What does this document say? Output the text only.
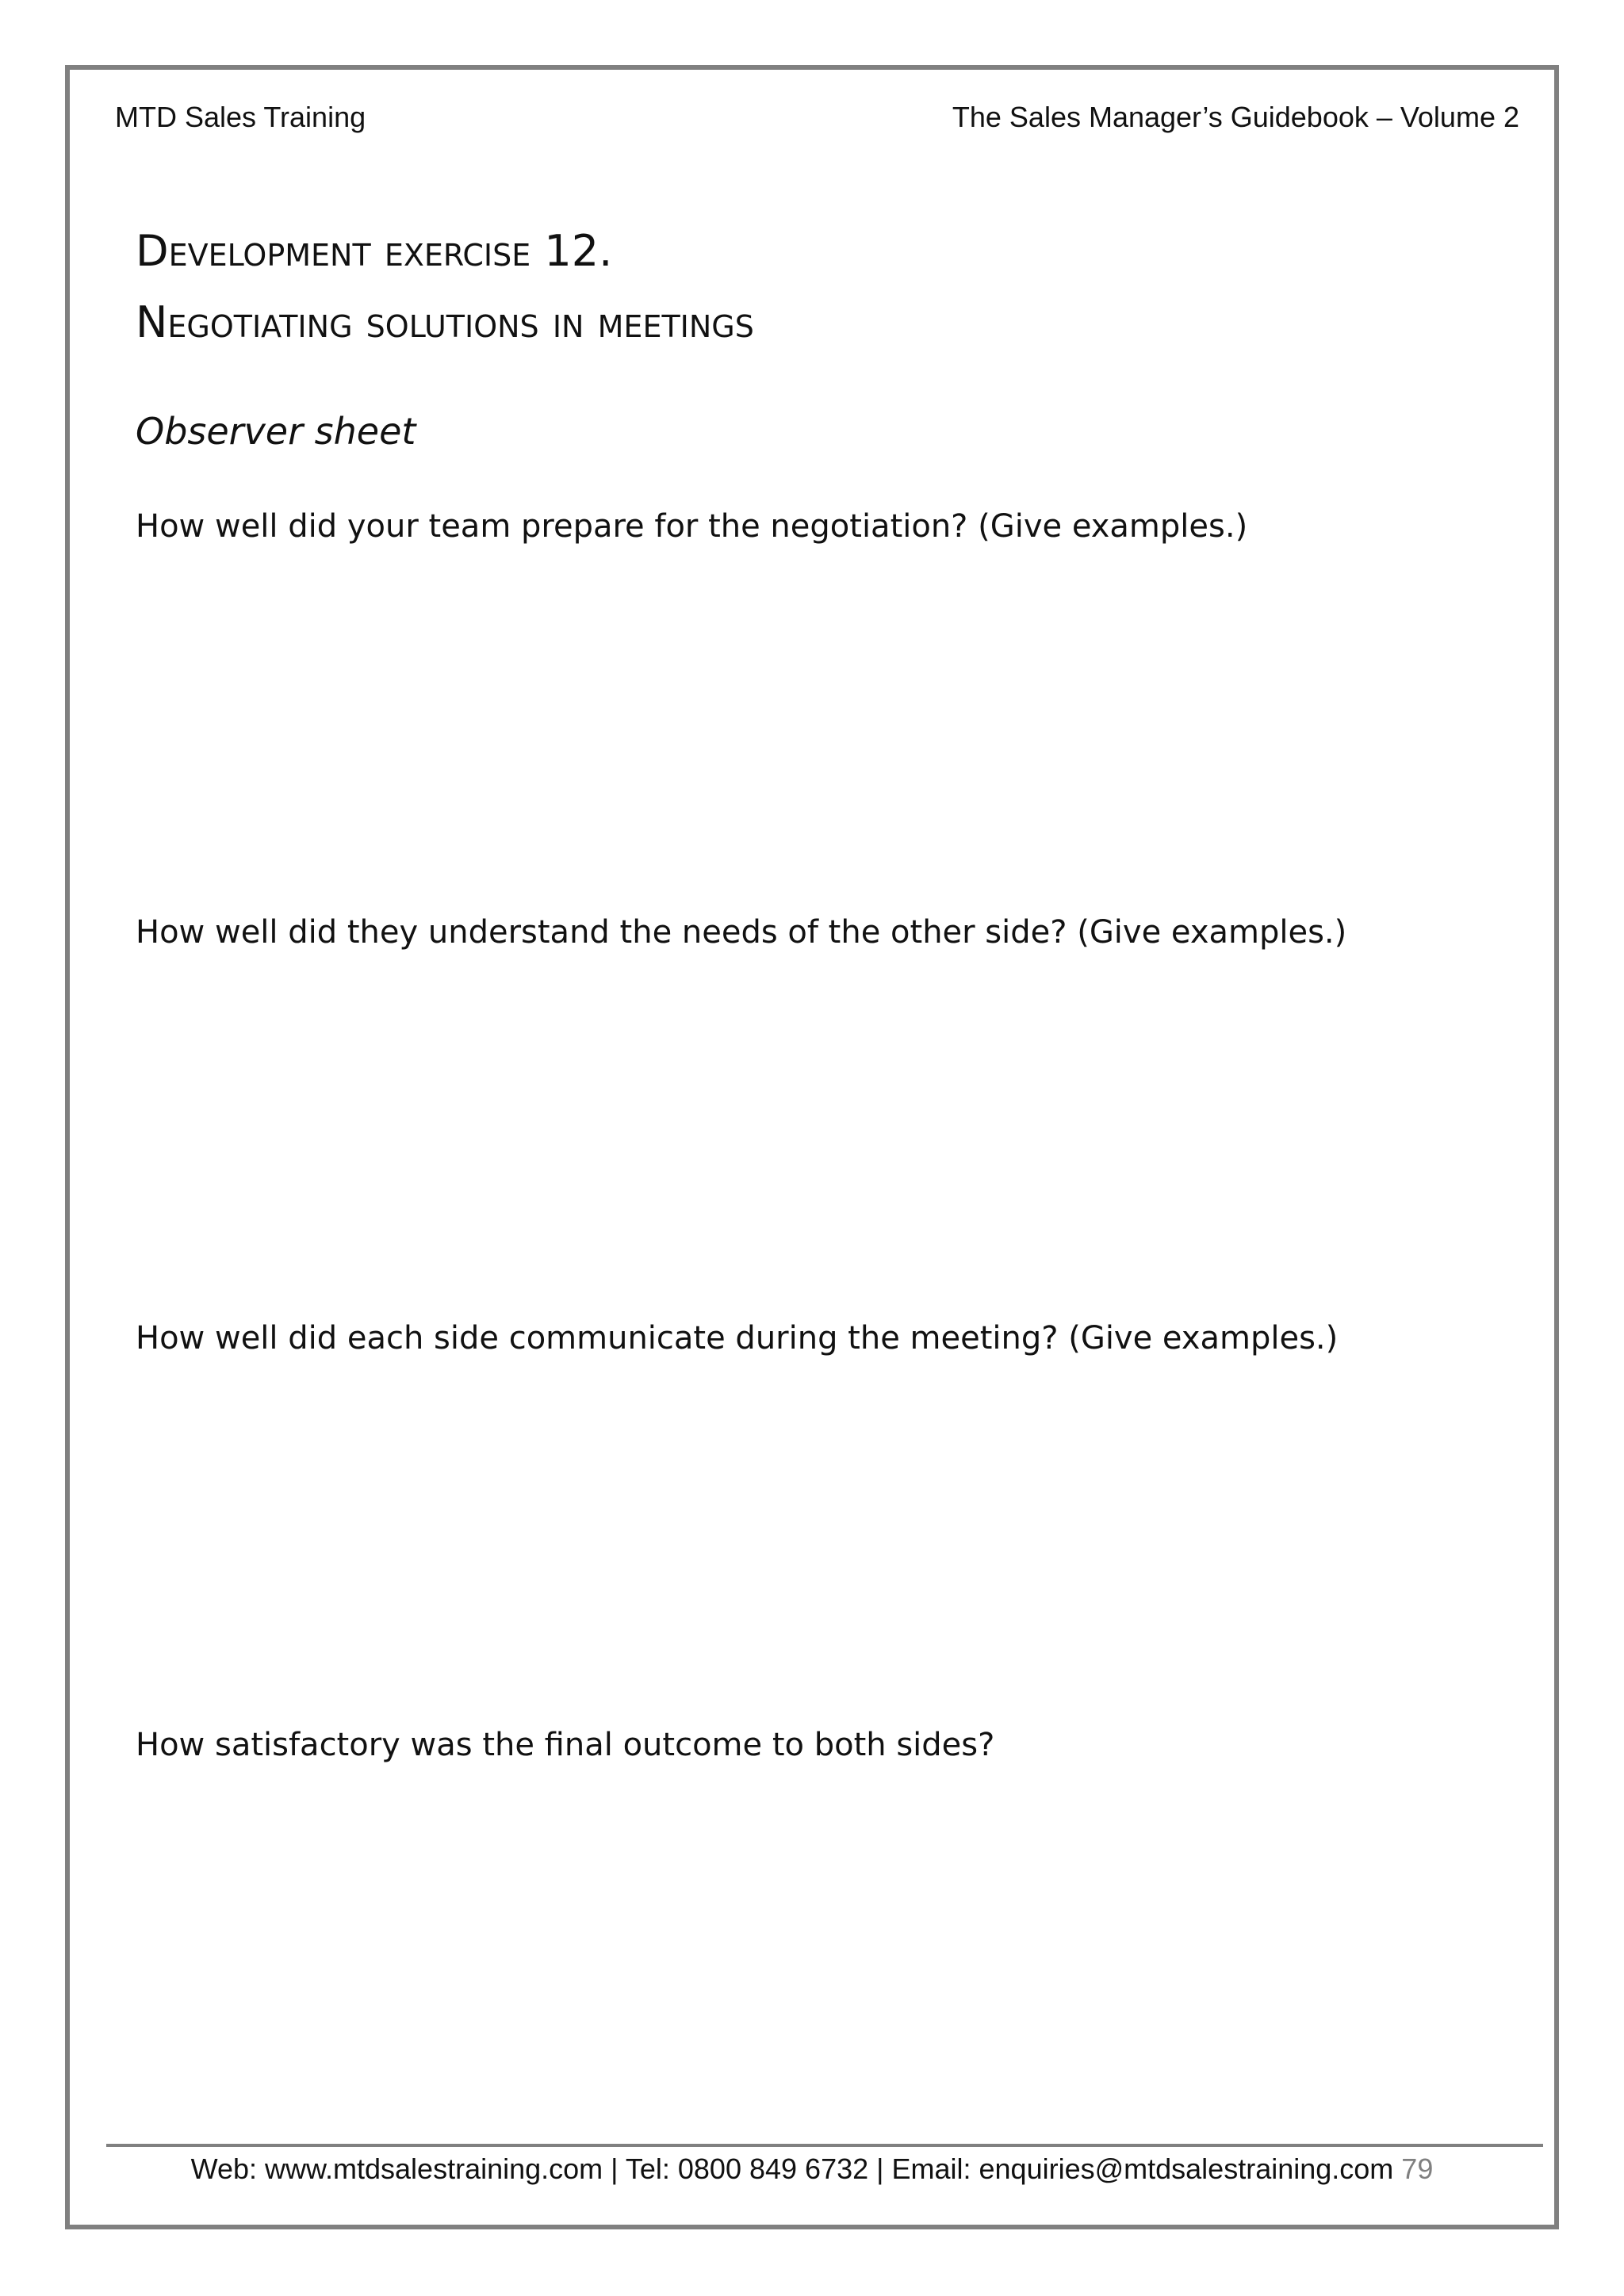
MTD Sales Training	The Sales Manager’s Guidebook – Volume 2
Development exercise 12.
Negotiating solutions in meetings
Observer sheet
How well did your team prepare for the negotiation? (Give examples.)
How well did they understand the needs of the other side? (Give examples.)
How well did each side communicate during the meeting? (Give examples.)
How satisfactory was the final outcome to both sides?
Web: www.mtdsalestraining.com | Tel: 0800 849 6732 | Email: enquiries@mtdsalestraining.com 79
